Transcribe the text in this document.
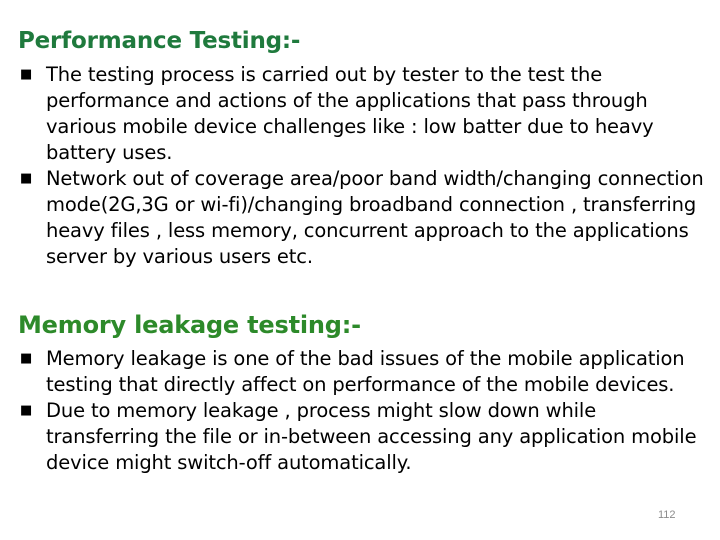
Performance Testing:-
■
The testing process is carried out by tester to the test the performance and actions of the applications that pass through various mobile device challenges like : low batter due to heavy battery uses.
■
Network out of coverage area/poor band width/changing connection mode(2G,3G or wi-fi)/changing broadband connection , transferring heavy files , less memory, concurrent approach to the applications server by various users etc.
Memory leakage testing:-
■
Memory leakage is one of the bad issues of the mobile application testing that directly affect on performance of the mobile devices.
■
Due to memory leakage , process might slow down while transferring the file or in-between accessing any application mobile device might switch-off automatically.
112
